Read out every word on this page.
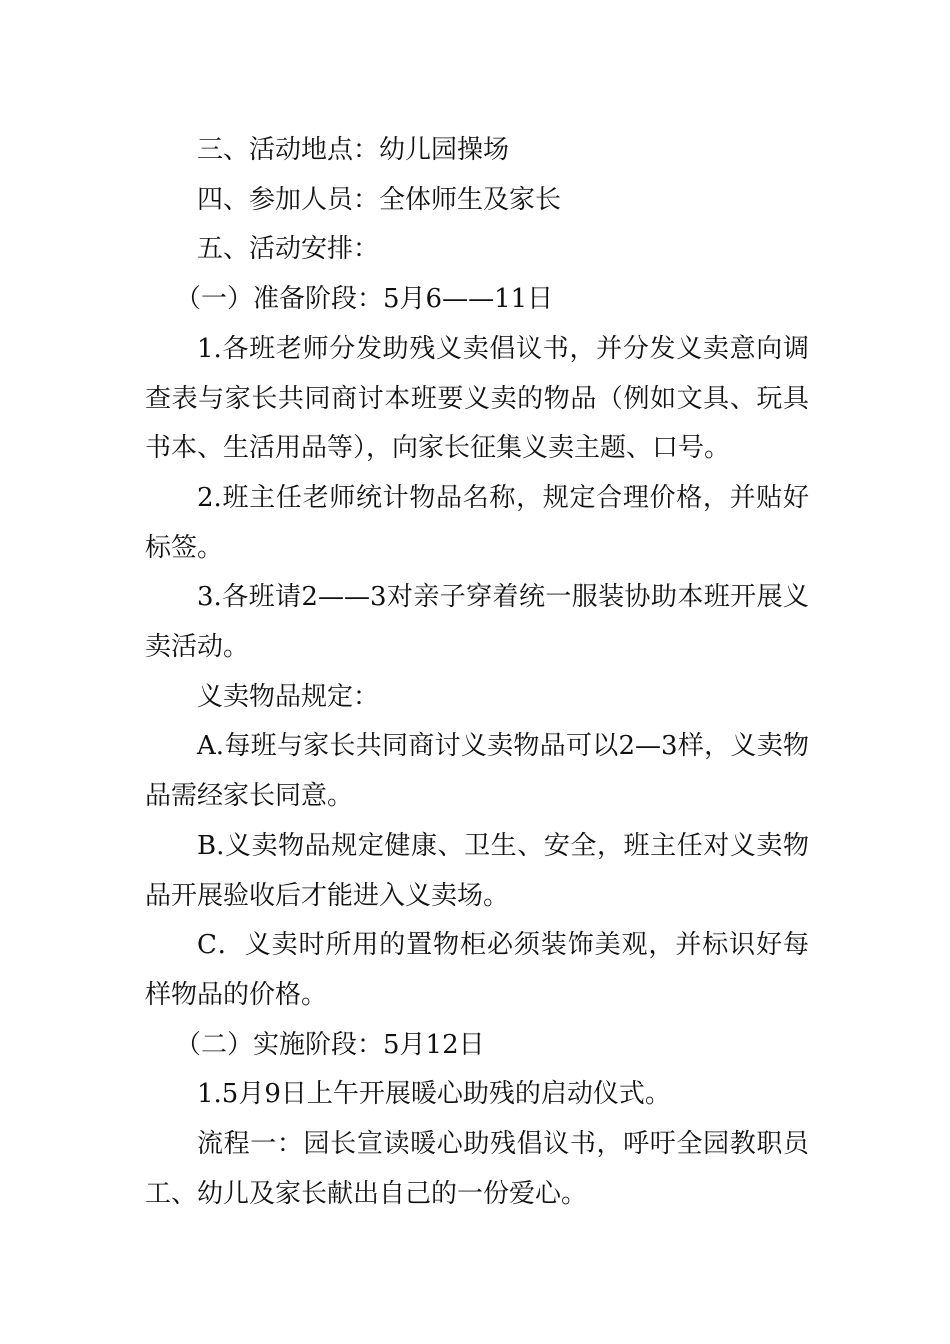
三、活动地点：幼儿园操场

四、参加人员：全体师生及家长

五、活动安排：

（一）准备阶段：5月6——11日

1.各班老师分发助残义卖倡议书，并分发义卖意向调查表与家长共同商讨本班要义卖的物品（例如文具、玩具书本、生活用品等），向家长征集义卖主题、口号。

2.班主任老师统计物品名称，规定合理价格，并贴好标签。

3.各班请2——3对亲子穿着统一服装协助本班开展义卖活动。

义卖物品规定：

A.每班与家长共同商讨义卖物品可以2—3样，义卖物品需经家长同意。

B.义卖物品规定健康、卫生、安全，班主任对义卖物品开展验收后才能进入义卖场。

C．义卖时所用的置物柜必须装饰美观，并标识好每样物品的价格。

（二）实施阶段：5月12日

1.5月9日上午开展暖心助残的启动仪式。

流程一：园长宣读暖心助残倡议书，呼吁全园教职员工、幼儿及家长献出自己的一份爱心。
